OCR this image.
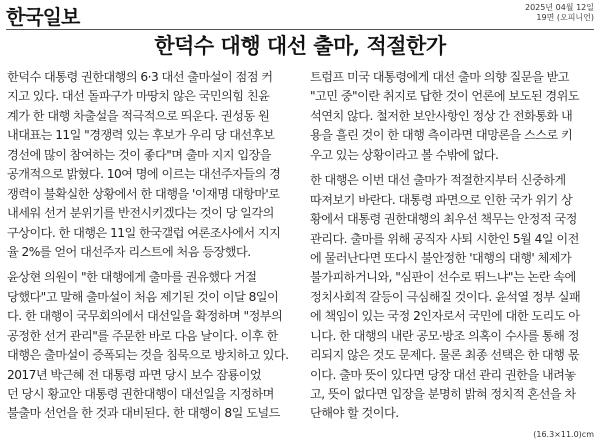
한국일보	2025년 04월 12일
19면 (오피니언)
한덕수 대행 대선 출마, 적절한가
한덕수 대통령 권한대행의 6·3 대선 출마설이 점점 커
지고 있다. 대선 돌파구가 마땅치 않은 국민의힘 친윤
계가 한 대행 차출설을 적극적으로 띄운다. 권성동 원
내대표는 11일 "경쟁력 있는 후보가 우리 당 대선후보
경선에 많이 참여하는 것이 좋다"며 출마 지지 입장을
공개적으로 밝혔다. 10여 명에 이르는 대선주자들의 경
쟁력이 불확실한 상황에서 한 대행을 '이재명 대항마'로
내세워 선거 분위기를 반전시키겠다는 것이 당 일각의
구상이다. 한 대행은 11일 한국갤럽 여론조사에서 지지
율 2%를 얻어 대선주자 리스트에 처음 등장했다.
윤상현 의원이 "한 대행에게 출마를 권유했다 거절
당했다"고 말해 출마설이 처음 제기된 것이 이달 8일이
다. 한 대행이 국무회의에서 대선일을 확정하며 "정부의
공정한 선거 관리"를 주문한 바로 다음 날이다. 이후 한
대행은 출마설이 증폭되는 것을 침묵으로 방치하고 있다.
2017년 박근혜 전 대통령 파면 당시 보수 잠룡이었
던 당시 황교안 대통령 권한대행이 대선일을 지정하며
불출마 선언을 한 것과 대비된다. 한 대행이 8일 도널드
트럼프 미국 대통령에게 대선 출마 의향 질문을 받고
"고민 중"이란 취지로 답한 것이 언론에 보도된 경위도
석연치 않다. 철저한 보안사항인 정상 간 전화통화 내
용을 흘린 것이 한 대행 측이라면 대망론을 스스로 키
우고 있는 상황이라고 볼 수밖에 없다.
한 대행은 이번 대선 출마가 적절한지부터 신중하게
따져보기 바란다. 대통령 파면으로 인한 국가 위기 상
황에서 대통령 권한대행의 최우선 책무는 안정적 국정
관리다. 출마를 위해 공직자 사퇴 시한인 5월 4일 이전
에 물러난다면 또다시 불안정한 '대행의 대행' 체제가
불가피하거니와, "심판이 선수로 뛰느냐"는 논란 속에
정치사회적 갈등이 극심해질 것이다. 윤석열 정부 실패
에 책임이 있는 국정 2인자로서 국민에 대한 도리도 아
니다. 한 대행의 내란 공모·방조 의혹이 수사를 통해 정
리되지 않은 것도 문제다. 물론 최종 선택은 한 대행 몫
이다. 출마 뜻이 있다면 당장 대선 관리 권한을 내려놓
고, 뜻이 없다면 입장을 분명히 밝혀 정치적 혼선을 차
단해야 할 것이다.
(16.3×11.0)cm
